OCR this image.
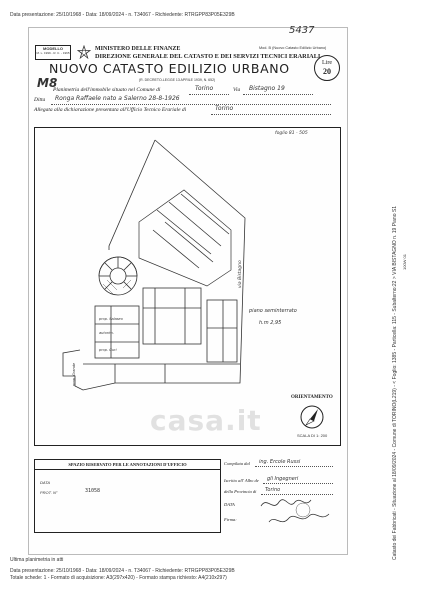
Data presentazione: 25/10/1968 - Data: 18/09/2024 - n. T34067 - Richiedente: RTRGPP83P05E329B
MODELLO
M. L. 1999 - R. C. - 1965
MINISTERO DELLE FINANZE
DIREZIONE GENERALE DEL CATASTO E DEI SERVIZI TECNICI ERARIALI
NUOVO CATASTO EDILIZIO URBANO
(R. DECRETO-LEGGE 13 APRILE 1939, N. 652)
Lire
20
Mod. B (Nuovo Catasto Edilizio Urbano)
5437
M8
Planimetria dell'immobile situato nel Comune di	Torino	Via Bistagno 19
Ditta Ronga Raffaele nato a Salerno 28-8-1926
Allegata alla dichiarazione presentata all'Ufficio Tecnico Erariale di	Torino
foglio 81 - 505
piano seminterrato
h.m 2,95
via Bistagno
prop. Salaseo
autorim.
prop. Guri
prop. Grande
ORIENTAMENTO
SCALA DI 1: 200
SPAZIO RISERVATO PER LE ANNOTAZIONI D'UFFICIO
DATA
PROT. N°	31058
Compilata dal ing. Ercole Russi
Iscritto all' Albo de gli Ingegneri
della Provincia di Torino
DATA
Firma:
casa.it	Catasto dei Fabbricati - Situazione al 18/09/2024 - Comune di TORINO(L219) - < Foglio: 1385 - Particella: 115 - Subalterno:22 > VIA BISTAGNO n. 19 Piano S1 100W 01
Ultima planimetria in atti
Data presentazione: 25/10/1968 - Data: 18/09/2024 - n. T34067 - Richiedente: RTRGPP83P05E329B
Totale schede: 1 - Formato di acquisizione: A3(297x420) - Formato stampa richiesto: A4(210x297)
